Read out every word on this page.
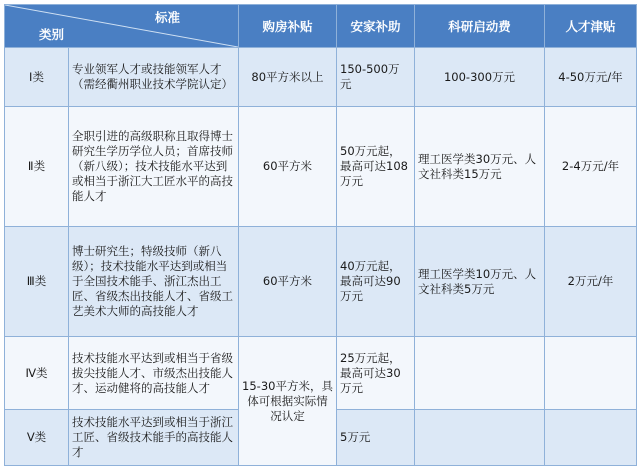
标准
类别		购房补贴	安家补助	科研启动费	人才津贴
Ⅰ类	专业领军人才或技能领军人才（需经衢州职业技术学院认定）	80平方米以上	150-500万元	100-300万元	4-50万元/年
Ⅱ类	全职引进的高级职称且取得博士研究生学历学位人员；首席技师（新八级）；技术技能水平达到或相当于浙江大工匠水平的高技能人才	60平方米	50万元起，最高可达108万元	理工医学类30万元、人文社科类15万元	2-4万元/年
Ⅲ类	博士研究生；特级技师（新八级）；技术技能水平达到或相当于全国技术能手、浙江杰出工匠、省级杰出技能人才、省级工艺美术大师的高技能人才	60平方米	40万元起，最高可达90万元	理工医学类10万元、人文社科类5万元	2万元/年
Ⅳ类	技术技能水平达到或相当于省级拔尖技能人才、市级杰出技能人才、运动健将的高技能人才	15-30平方米，具体可根据实际情况认定	25万元起，最高可达30万元		
Ⅴ类	技术技能水平达到或相当于浙江工匠、省级技术能手的高技能人才		5万元		
